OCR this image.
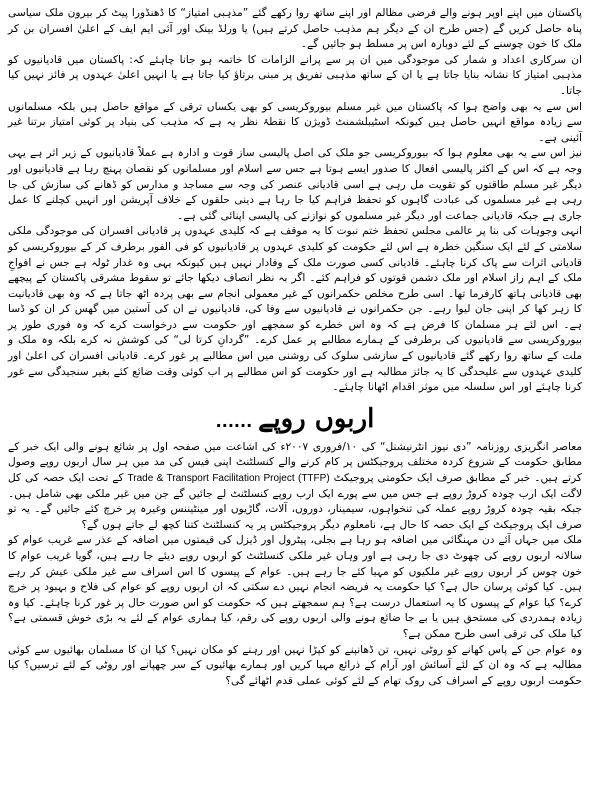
پاکستان میں اپنے اوپر ہونے والے فرضی مظالم اور اپنے ساتھ روا رکھے گئے ”مذہبی امتیاز“ کا ڈھنڈورا پیٹ کر بیرون ملک سیاسی پناہ حاصل کریں گے (جس طرح ان کے دیگر ہم مذہب حاصل کرتے ہیں) یا ورلڈ بینک اور آئی ایم ایف کے اعلیٰ افسران بن کر ملک کا خون چوسنے کے لئے دوبارہ اس پر مسلط ہو جائیں گے۔

ان سرکاری اعداد و شمار کی موجودگی میں ان پر سے پرانے الزامات کا خاتمہ ہو جانا چاہئے کہ: پاکستان میں قادیانیوں کو مذہبی امتیاز کا نشانہ بنایا جاتا ہے یا ان کے ساتھ مذہبی تفریق پر مبنی برتاؤ کیا جاتا ہے یا انہیں اعلیٰ عہدوں پر فائز نہیں کیا جاتا۔

اس سے یہ بھی واضح ہوا کہ پاکستان میں غیر مسلم بیوروکریسی کو بھی یکساں ترقی کے مواقع حاصل ہیں بلکہ مسلمانوں سے زیادہ مواقع انہیں حاصل ہیں کیونکہ اسٹیبلشمنٹ ڈویژن کا نقطۂ نظر یہ ہے کہ مذہب کی بنیاد پر کوئی امتیاز برتنا غیر آئینی ہے۔

نیز اس سے یہ بھی معلوم ہوا کہ بیوروکریسی جو ملک کی اصل پالیسی ساز قوت و ادارہ ہے عملاً قادیانیوں کے زیر اثر ہے یہی وجہ ہے کہ اس کے اکثر پالیسی افعال کا صدور ایسے ہوتا ہے جس سے اسلام اور مسلمانوں کو نقصان پہنچ رہا ہے قادیانیوں اور دیگر غیر مسلم طاقتوں کو تقویت مل رہی ہے اسی قادیانی عنصر کی وجہ سے مساجد و مدارس کو ڈھانے کی سازش کی جا رہی ہے غیر مسلموں کی عبادت گاہوں کو تحفظ فراہم کیا جا رہا ہے دینی حلقوں کے خلاف آپریشن اور انہیں کچلنے کا عمل جاری ہے جبکہ قادیانی جماعت اور دیگر غیر مسلموں کو نوازنے کی پالیسی اپنائی گئی ہے۔

انہی وجوہات کی بنا پر عالمی مجلس تحفظ ختم نبوت کا یہ موقف ہے کہ کلیدی عہدوں پر قادیانی افسران کی موجودگی ملکی سلامتی کے لئے ایک سنگین خطرہ ہے اس لئے حکومت کو کلیدی عہدوں پر قادیانیوں کو فی الفور برطرف کر کے بیوروکریسی کو قادیانی اثرات سے پاک کرنا چاہئے۔ قادیانی کسی صورت ملک کے وفادار نہیں ہیں کیونکہ یہی وہ غدار ٹولہ ہے جس نے افواجِ ملک کے اہم راز اسلام اور ملک دشمن قوتوں کو فراہم کئے۔ اگر بہ نظر انصاف دیکھا جائے تو سقوط مشرقی پاکستان کے پیچھے بھی قادیانی ہاتھ کارفرما تھا۔ اسی طرح مخلص حکمرانوں کے غیر معمولی انجام سے بھی پردہ اٹھ جاتا ہے کہ وہ بھی قادیانیت کا زہر کھا کر اپنی جان لیوا رہے۔ جن حکمرانوں نے قادیانیوں سے وفا کی، قادیانیوں نے ان کی آستین میں گھس کر ان کو ڈسا ہے۔ اس لئے ہر مسلمان کا فرض ہے کہ وہ اس خطرے کو سمجھے اور حکومت سے درخواست کرے کہ وہ فوری طور پر بیوروکریسی سے قادیانیوں کی برطرفی کے ہمارے مطالبے پر عمل کرے۔ ”گردانِ کرتا لی“ کی کوشش نہ کرے بلکہ وہ ملک و ملت کے ساتھ روا رکھے گئے قادیانیوں کے سازشی سلوک کی روشنی میں اس مطالبے پر غور کرے۔ قادیانی افسران کی اعلیٰ اور کلیدی عہدوں سے علیحدگی کا یہ جائز مطالبہ ہے اور حکومت کو اس مطالبے پر اب کوئی وقت ضائع کئے بغیر سنجیدگی سے غور کرنا چاہئے اور اس سلسلہ میں موثر اقدام اٹھانا چاہئے۔

اربوں روپے......

معاصر انگریزی روزنامہ ”دی نیوز انٹرنیشنل“ کی ۱۰/فروری ۲۰۰۷ء کی اشاعت میں صفحہ اول پر شائع ہونے والی ایک خبر کے مطابق حکومت کے شروع کردہ مختلف پروجیکٹس پر کام کرنے والے کنسلٹنٹ اپنی فیس کی مد میں ہر سال اربوں روپے وصول کرتے ہیں۔ خبر کے مطابق صرف ایک حکومتی پروجیکٹ Trade & Transport Facilitation Project (TTFP) کے تحت ایک حصہ کی کل لاگت ایک ارب چودہ کروڑ روپے ہے جس میں سے پورے ایک ارب روپے کنسلٹنٹ لے جائیں گے جن میں غیر ملکی بھی شامل ہیں۔ جبکہ بقیہ چودہ کروڑ روپے عملہ کی تنخواہوں، سیمینار، دوروں، آلات، گاڑیوں اور مینٹیننس وغیرہ پر خرچ کئے جائیں گے۔ یہ تو صرف ایک پروجیکٹ کے ایک حصہ کا حال ہے، نامعلوم دیگر پروجیکٹس پر یہ کنسلٹنٹ کتنا کچھ لے جاتے ہوں گے؟

ملک میں جہاں آئے دن مہنگائی میں اضافہ ہو رہا ہے بجلی، پیٹرول اور ڈیزل کی قیمتوں میں اضافہ کے عذر سے غریب عوام کو سالانہ اربوں روپے کی چھوٹ دی جا رہی ہے اور وہاں غیر ملکی کنسلٹنٹ کو اربوں روپے دیئے جا رہے ہیں، گویا غریب عوام کا خون چوس کر اربوں روپے غیر ملکیوں کو مہیا کئے جا رہے ہیں۔ عوام کے پیسوں کا اس اسراف سے غیر ملکی عیش کر رہے ہیں۔ کیا کوئی پرسان حال ہے؟ کیا حکومت یہ فریضہ انجام نہیں دے سکتی کہ ان اربوں روپے کو عوام کی فلاح و بہبود پر خرچ کرے؟ کیا عوام کے پیسوں کا یہ استعمال درست ہے؟ ہم سمجھتے ہیں کہ حکومت کو اس صورت حال پر غور کرنا چاہئے۔ کیا وہ زیادہ ہمدردی کی مستحق ہیں یا بے جا ضائع ہونے والی اربوں روپے کی رقم، کیا ہماری عوام کے لئے یہ بڑی خوش قسمتی ہے؟ کیا ملک کی ترقی اسی طرح ممکن ہے؟

وہ عوام جن کے پاس کھانے کو روٹی نہیں، تن ڈھانپنے کو کپڑا نہیں اور رہنے کو مکان نہیں؟ کیا ان کا مسلمان بھائیوں سے کوئی مطالبہ ہے کہ وہ ان کے لئے آسائش اور آرام کے ذرائع مہیا کریں اور ہمارے بھائیوں کے سر چھپانے اور روٹی کے لئے ترسیں؟ کیا حکومت اربوں روپے کے اسراف کی روک تھام کے لئے کوئی عملی قدم اٹھائے گی؟
